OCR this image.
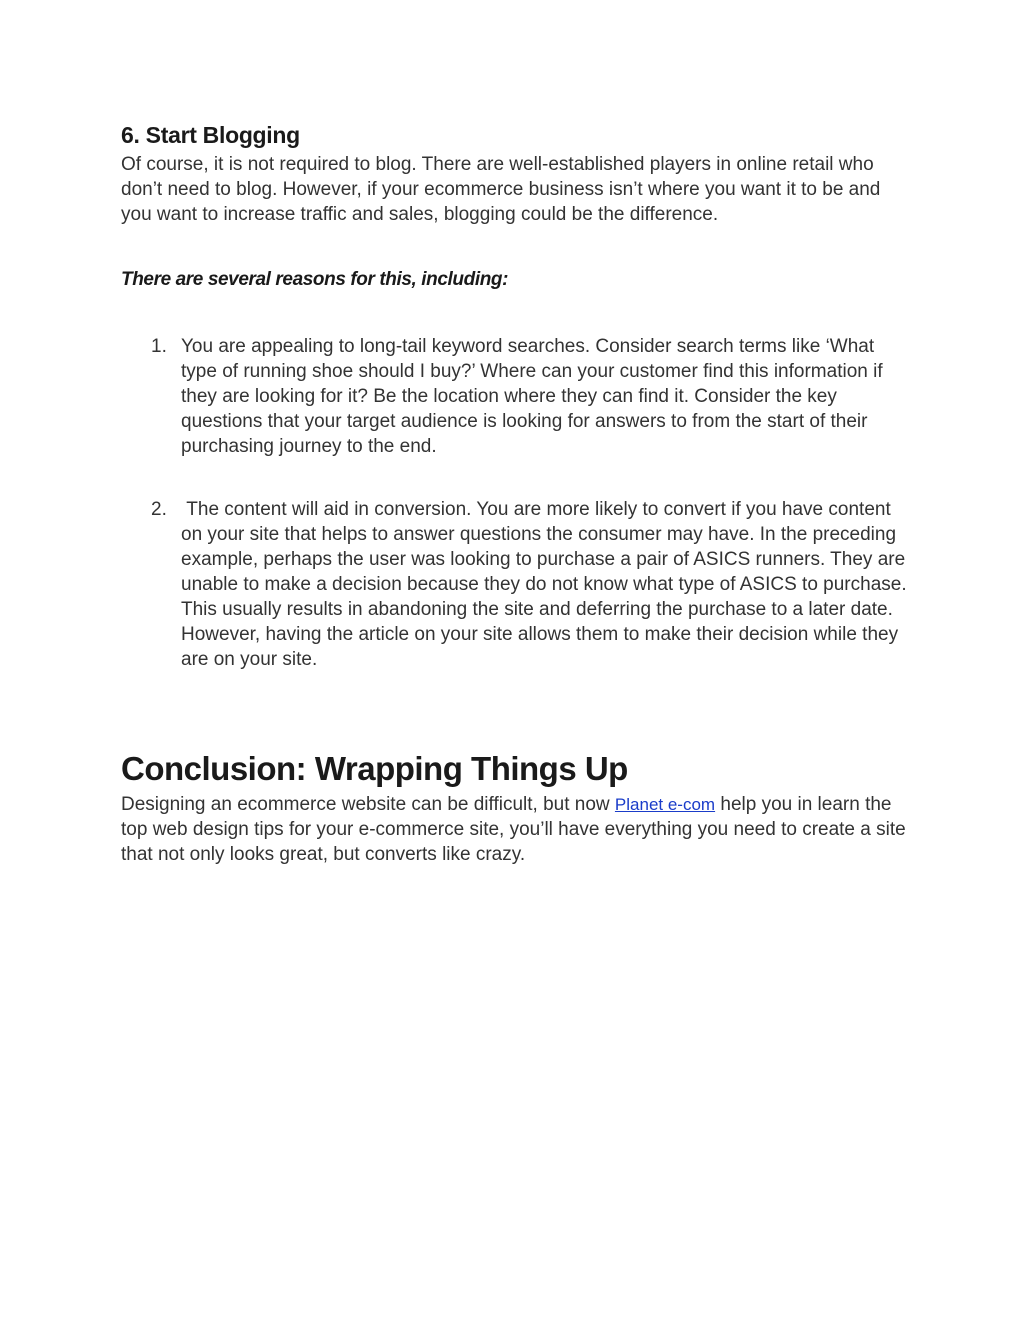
6. Start Blogging

Of course, it is not required to blog. There are well-established players in online retail who don’t need to blog. However, if your ecommerce business isn’t where you want it to be and you want to increase traffic and sales, blogging could be the difference.

There are several reasons for this, including:

1. You are appealing to long-tail keyword searches. Consider search terms like ‘What type of running shoe should I buy?’ Where can your customer find this information if they are looking for it? Be the location where they can find it. Consider the key questions that your target audience is looking for answers to from the start of their purchasing journey to the end.
2. The content will aid in conversion. You are more likely to convert if you have content on your site that helps to answer questions the consumer may have. In the preceding example, perhaps the user was looking to purchase a pair of ASICS runners. They are unable to make a decision because they do not know what type of ASICS to purchase. This usually results in abandoning the site and deferring the purchase to a later date. However, having the article on your site allows them to make their decision while they are on your site.
Conclusion: Wrapping Things Up

Designing an ecommerce website can be difficult, but now Planet e-com help you in learn the top web design tips for your e-commerce site, you’ll have everything you need to create a site that not only looks great, but converts like crazy.
